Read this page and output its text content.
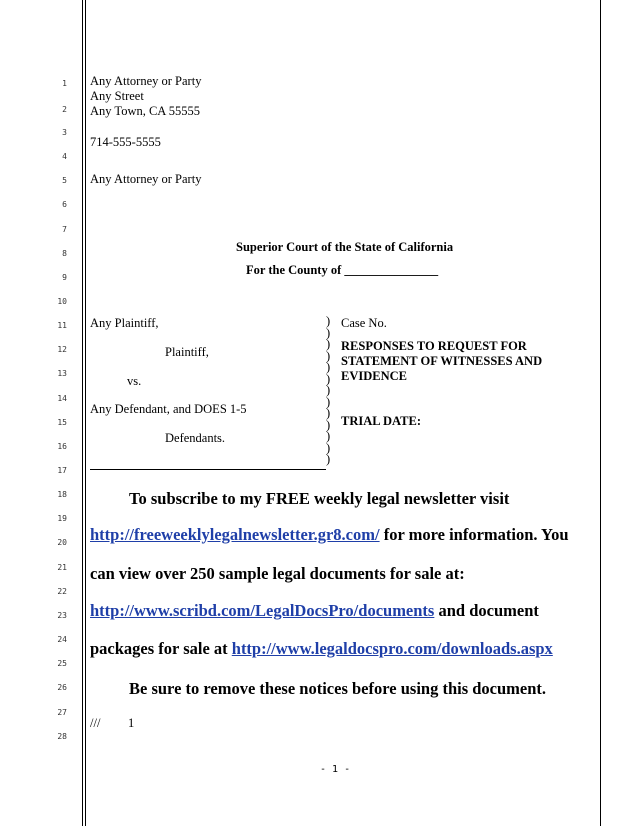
1
2
3
4
5
6
7
8
9
10
11
12
13
14
15
16
17
18
19
20
21
22
23
24
25
26
27
28
Any Attorney or Party
Any Street
Any Town, CA 55555
714-555-5555
Any Attorney or Party
Superior Court of the State of California
For the County of _______________
Any Plaintiff,
Plaintiff,
vs.
Any Defendant, and DOES 1-5
Defendants.
)
)
)
)
)
)
)
)
)
)
)
)
)
Case No.
RESPONSES TO REQUEST FOR
STATEMENT OF WITNESSES AND
EVIDENCE
TRIAL DATE:
To subscribe to my FREE weekly legal newsletter visit
http://freeweeklylegalnewsletter.gr8.com/ for more information. You
can view over 250 sample legal documents for sale at:
http://www.scribd.com/LegalDocsPro/documents and document
packages for sale at http://www.legaldocspro.com/downloads.aspx
Be sure to remove these notices before using this document.
/// 1
- 1 -
